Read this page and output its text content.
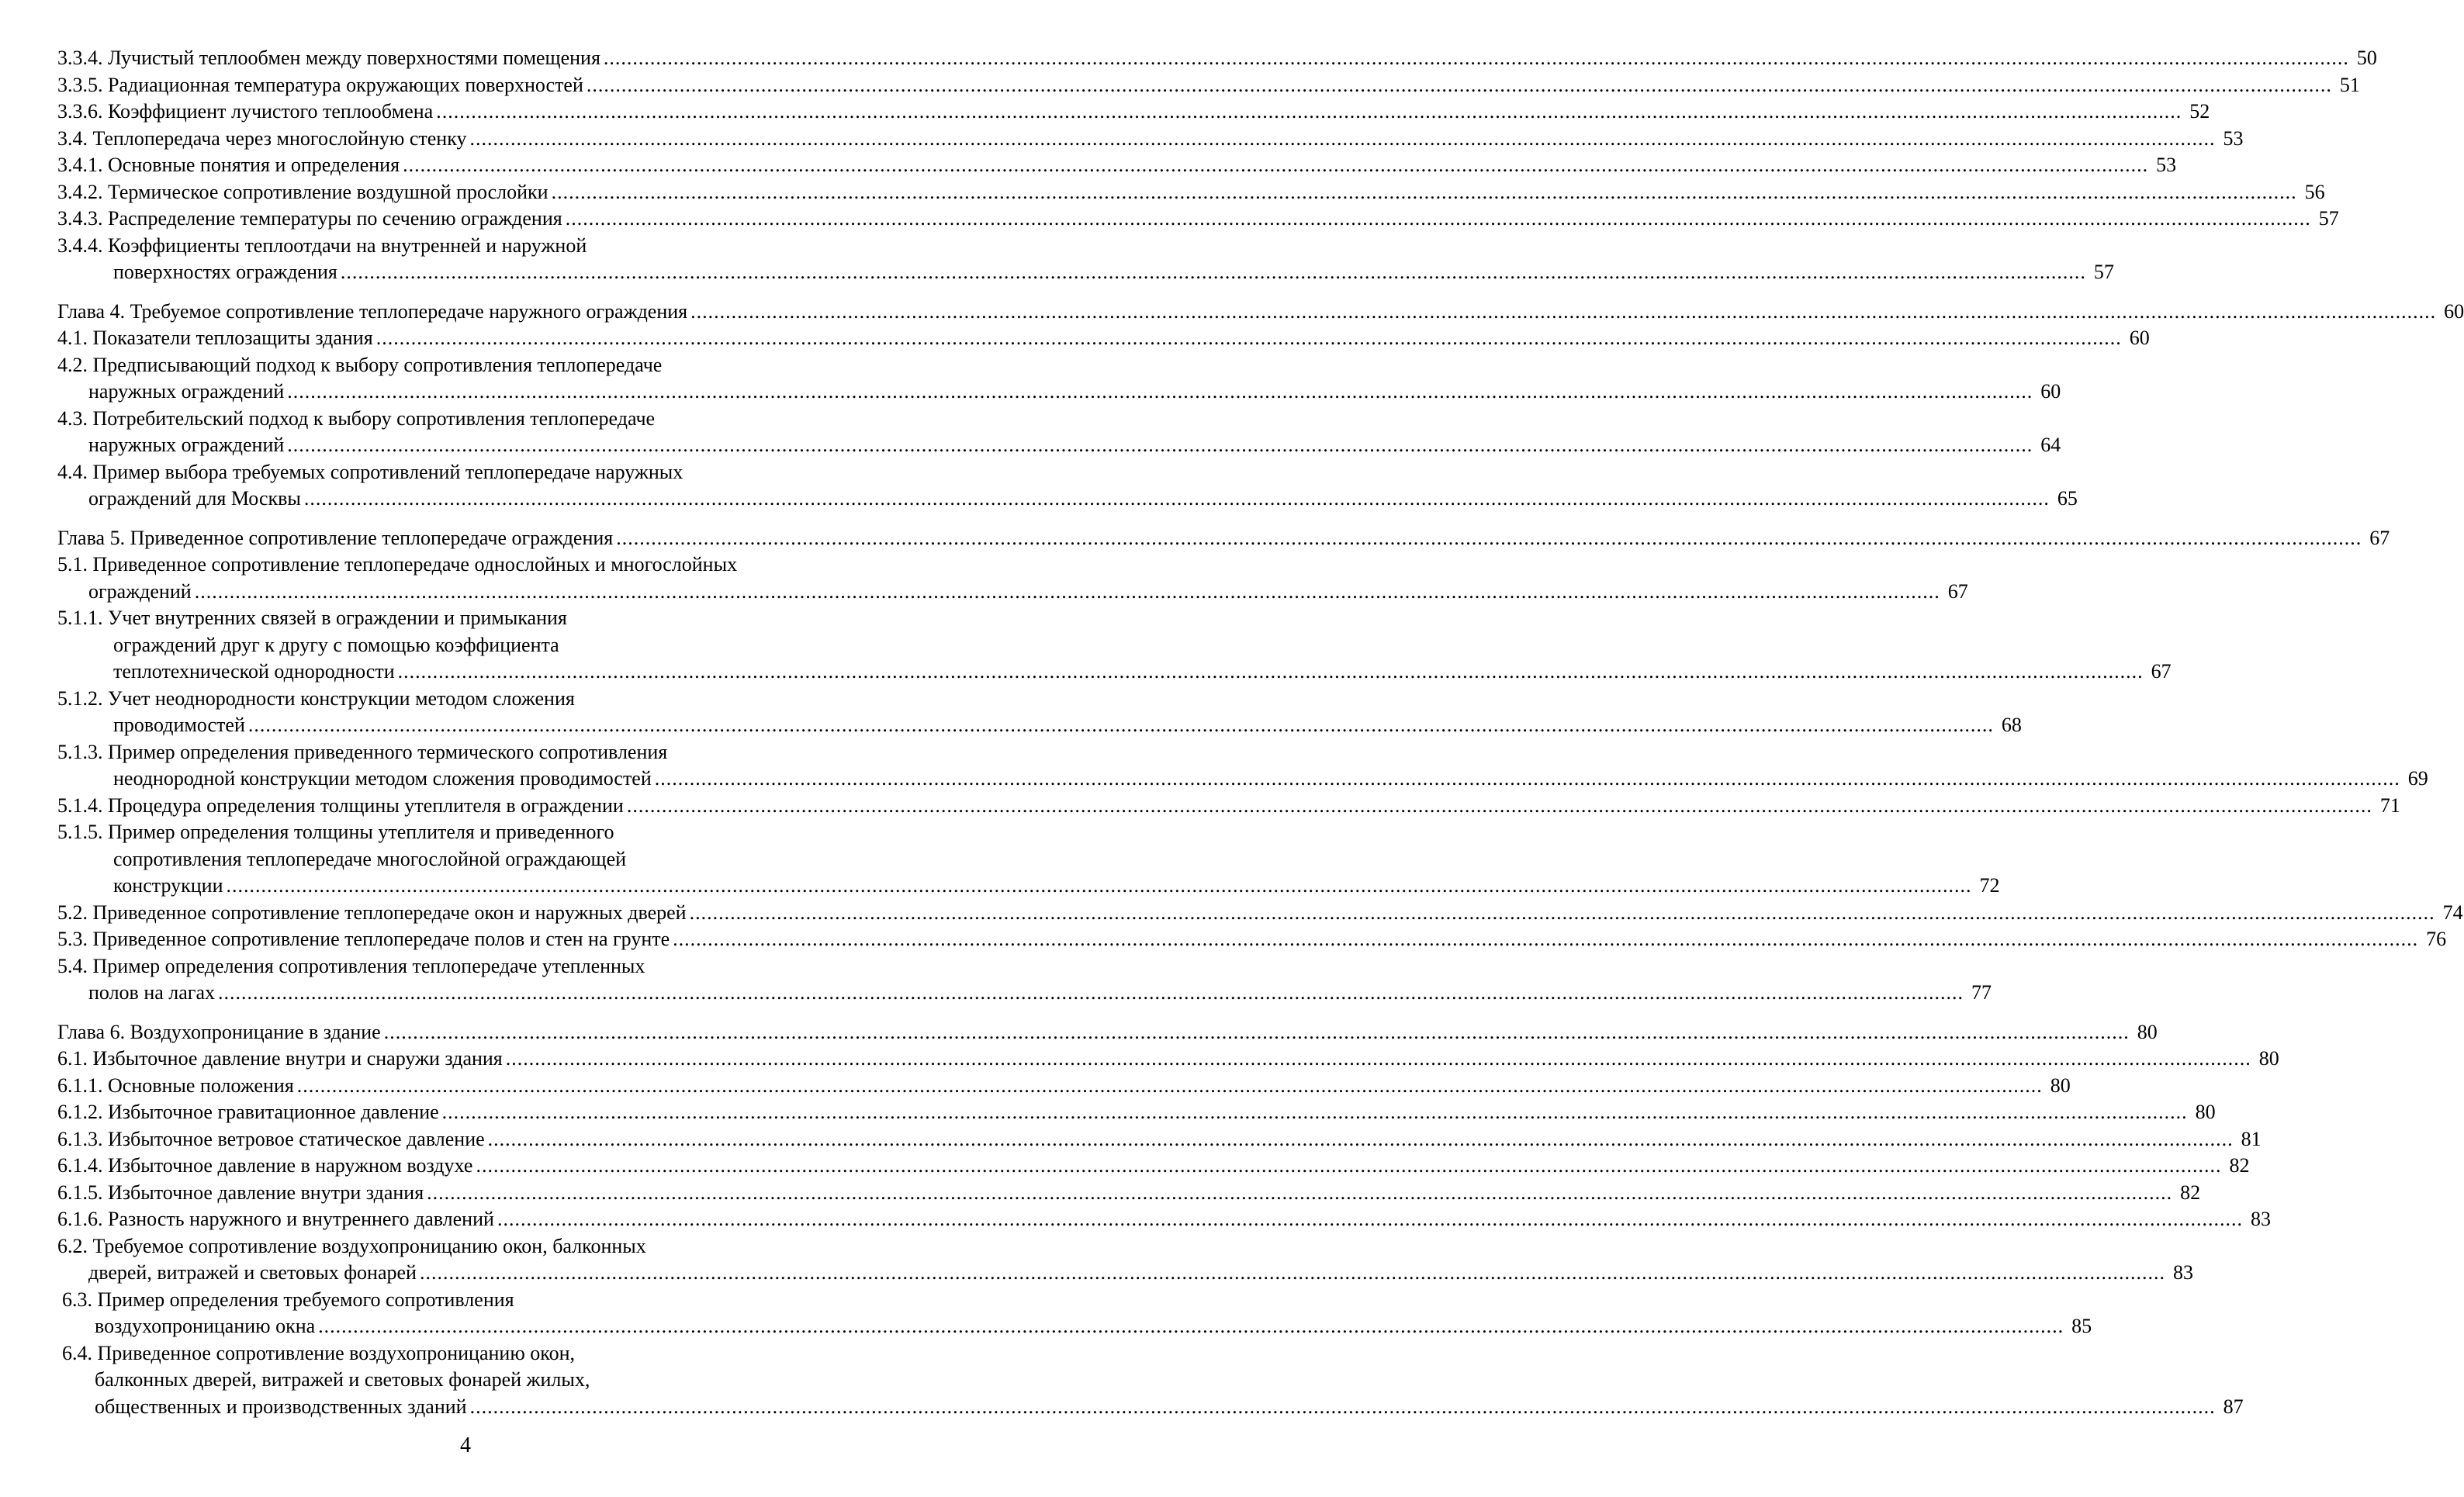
3.3.4. Лучистый теплообмен между поверхностями помещения ............................................................................................................................................................................................................................................................................................................ 50
3.3.5. Радиационная температура окружающих поверхностей ............................................................................................................................................................................................................................................................................................................ 51
3.3.6. Коэффициент лучистого теплообмена ............................................................................................................................................................................................................................................................................................................ 52
3.4. Теплопередача через многослойную стенку ............................................................................................................................................................................................................................................................................................................ 53
3.4.1. Основные понятия и определения ............................................................................................................................................................................................................................................................................................................ 53
3.4.2. Термическое сопротивление воздушной прослойки ............................................................................................................................................................................................................................................................................................................ 56
3.4.3. Распределение температуры по сечению ограждения ............................................................................................................................................................................................................................................................................................................ 57
3.4.4. Коэффициенты теплоотдачи на внутренней и наружной
поверхностях ограждения ............................................................................................................................................................................................................................................................................................................ 57
Глава 4. Требуемое сопротивление теплопередаче наружного ограждения ............................................................................................................................................................................................................................................................................................................ 60
4.1. Показатели теплозащиты здания ............................................................................................................................................................................................................................................................................................................ 60
4.2. Предписывающий подход к выбору сопротивления теплопередаче
наружных ограждений ............................................................................................................................................................................................................................................................................................................ 60
4.3. Потребительский подход к выбору сопротивления теплопередаче
наружных ограждений ............................................................................................................................................................................................................................................................................................................ 64
4.4. Пример выбора требуемых сопротивлений теплопередаче наружных
ограждений для Москвы ............................................................................................................................................................................................................................................................................................................ 65
Глава 5. Приведенное сопротивление теплопередаче ограждения ............................................................................................................................................................................................................................................................................................................ 67
5.1. Приведенное сопротивление теплопередаче однослойных и многослойных
ограждений ............................................................................................................................................................................................................................................................................................................ 67
5.1.1. Учет внутренних связей в ограждении и примыкания
ограждений друг к другу с помощью коэффициента
теплотехнической однородности ............................................................................................................................................................................................................................................................................................................ 67
5.1.2. Учет неоднородности конструкции методом сложения
проводимостей ............................................................................................................................................................................................................................................................................................................ 68
5.1.3. Пример определения приведенного термического сопротивления
неоднородной конструкции методом сложения проводимостей ............................................................................................................................................................................................................................................................................................................ 69
5.1.4. Процедура определения толщины утеплителя в ограждении ............................................................................................................................................................................................................................................................................................................ 71
5.1.5. Пример определения толщины утеплителя и приведенного
сопротивления теплопередаче многослойной ограждающей
конструкции ............................................................................................................................................................................................................................................................................................................ 72
5.2. Приведенное сопротивление теплопередаче окон и наружных дверей ............................................................................................................................................................................................................................................................................................................ 74
5.3. Приведенное сопротивление теплопередаче полов и стен на грунте ............................................................................................................................................................................................................................................................................................................ 76
5.4. Пример определения сопротивления теплопередаче утепленных
полов на лагах ............................................................................................................................................................................................................................................................................................................ 77
Глава 6. Воздухопроницание в здание ............................................................................................................................................................................................................................................................................................................ 80
6.1. Избыточное давление внутри и снаружи здания ............................................................................................................................................................................................................................................................................................................ 80
6.1.1. Основные положения ............................................................................................................................................................................................................................................................................................................ 80
6.1.2. Избыточное гравитационное давление ............................................................................................................................................................................................................................................................................................................ 80
6.1.3. Избыточное ветровое статическое давление ............................................................................................................................................................................................................................................................................................................ 81
6.1.4. Избыточное давление в наружном воздухе ............................................................................................................................................................................................................................................................................................................ 82
6.1.5. Избыточное давление внутри здания ............................................................................................................................................................................................................................................................................................................ 82
6.1.6. Разность наружного и внутреннего давлений ............................................................................................................................................................................................................................................................................................................ 83
6.2. Требуемое сопротивление воздухопроницанию окон, балконных
дверей, витражей и световых фонарей ............................................................................................................................................................................................................................................................................................................ 83
6.3. Пример определения требуемого сопротивления
воздухопроницанию окна ............................................................................................................................................................................................................................................................................................................ 85
6.4. Приведенное сопротивление воздухопроницанию окон,
балконных дверей, витражей и световых фонарей жилых,
общественных и производственных зданий ............................................................................................................................................................................................................................................................................................................ 87
4
